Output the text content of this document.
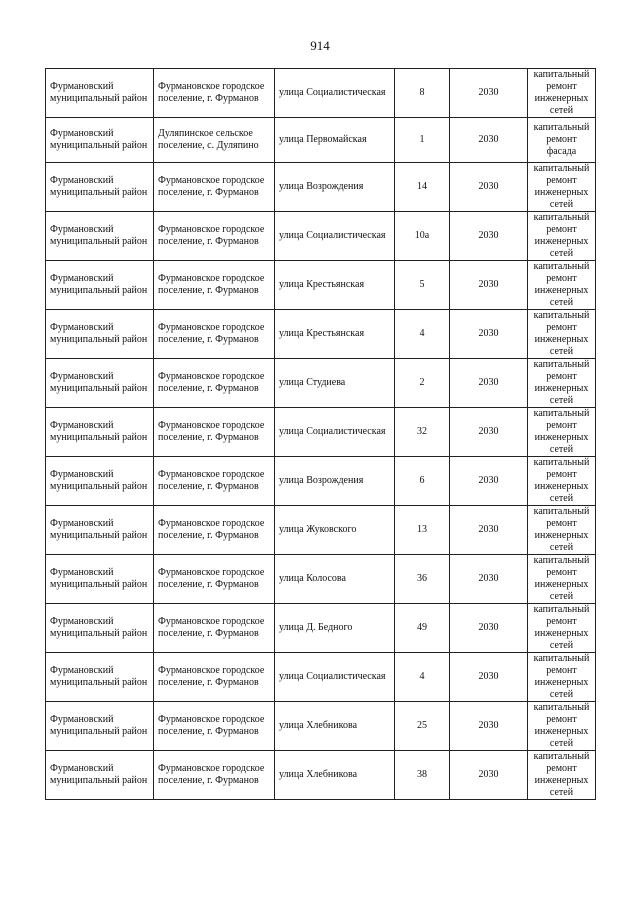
914
Фурмановский муниципальный район	Фурмановское городское поселение, г. Фурманов	улица Социалистическая	8	2030	капитальный ремонт инженерных сетей
Фурмановский муниципальный район	Дуляпинское сельское поселение, с. Дуляпино	улица Первомайская	1	2030	капитальный ремонт фасада
Фурмановский муниципальный район	Фурмановское городское поселение, г. Фурманов	улица Возрождения	14	2030	капитальный ремонт инженерных сетей
Фурмановский муниципальный район	Фурмановское городское поселение, г. Фурманов	улица Социалистическая	10а	2030	капитальный ремонт инженерных сетей
Фурмановский муниципальный район	Фурмановское городское поселение, г. Фурманов	улица Крестьянская	5	2030	капитальный ремонт инженерных сетей
Фурмановский муниципальный район	Фурмановское городское поселение, г. Фурманов	улица Крестьянская	4	2030	капитальный ремонт инженерных сетей
Фурмановский муниципальный район	Фурмановское городское поселение, г. Фурманов	улица Студиева	2	2030	капитальный ремонт инженерных сетей
Фурмановский муниципальный район	Фурмановское городское поселение, г. Фурманов	улица Социалистическая	32	2030	капитальный ремонт инженерных сетей
Фурмановский муниципальный район	Фурмановское городское поселение, г. Фурманов	улица Возрождения	6	2030	капитальный ремонт инженерных сетей
Фурмановский муниципальный район	Фурмановское городское поселение, г. Фурманов	улица Жуковского	13	2030	капитальный ремонт инженерных сетей
Фурмановский муниципальный район	Фурмановское городское поселение, г. Фурманов	улица Колосова	36	2030	капитальный ремонт инженерных сетей
Фурмановский муниципальный район	Фурмановское городское поселение, г. Фурманов	улица Д. Бедного	49	2030	капитальный ремонт инженерных сетей
Фурмановский муниципальный район	Фурмановское городское поселение, г. Фурманов	улица Социалистическая	4	2030	капитальный ремонт инженерных сетей
Фурмановский муниципальный район	Фурмановское городское поселение, г. Фурманов	улица Хлебникова	25	2030	капитальный ремонт инженерных сетей
Фурмановский муниципальный район	Фурмановское городское поселение, г. Фурманов	улица Хлебникова	38	2030	капитальный ремонт инженерных сетей
